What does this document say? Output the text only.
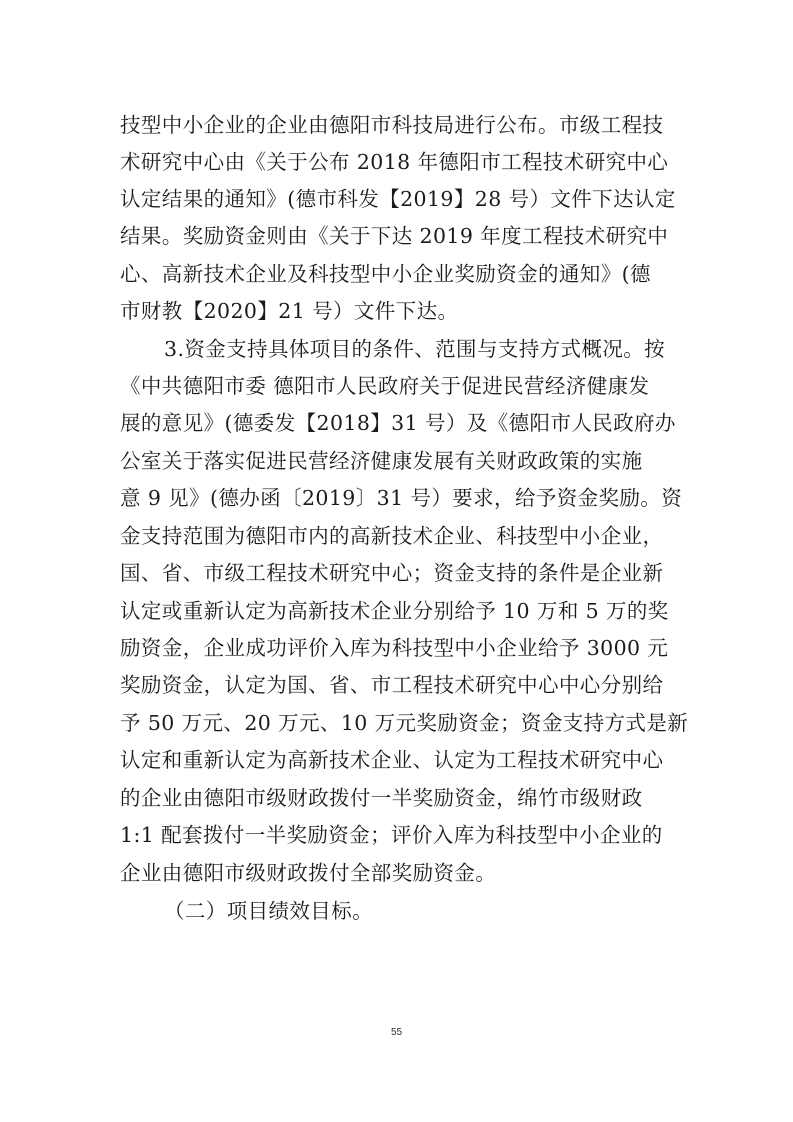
技型中小企业的企业由德阳市科技局进行公布。市级工程技
术研究中心由《关于公布 2018 年德阳市工程技术研究中心
认定结果的通知》(德市科发【2019】28 号）文件下达认定
结果。奖励资金则由《关于下达 2019 年度工程技术研究中
心、高新技术企业及科技型中小企业奖励资金的通知》(德
市财教【2020】21 号）文件下达。
3.资金支持具体项目的条件、范围与支持方式概况。按
《中共德阳市委 德阳市人民政府关于促进民营经济健康发
展的意见》(德委发【2018】31 号）及《德阳市人民政府办
公室关于落实促进民营经济健康发展有关财政政策的实施
意 9 见》(德办函〔2019〕31 号）要求，给予资金奖励。资
金支持范围为德阳市内的高新技术企业、科技型中小企业，
国、省、市级工程技术研究中心；资金支持的条件是企业新
认定或重新认定为高新技术企业分别给予 10 万和 5 万的奖
励资金，企业成功评价入库为科技型中小企业给予 3000 元
奖励资金，认定为国、省、市工程技术研究中心中心分别给
予 50 万元、20 万元、10 万元奖励资金；资金支持方式是新
认定和重新认定为高新技术企业、认定为工程技术研究中心
的企业由德阳市级财政拨付一半奖励资金，绵竹市级财政
1:1 配套拨付一半奖励资金；评价入库为科技型中小企业的
企业由德阳市级财政拨付全部奖励资金。
（二）项目绩效目标。
55
